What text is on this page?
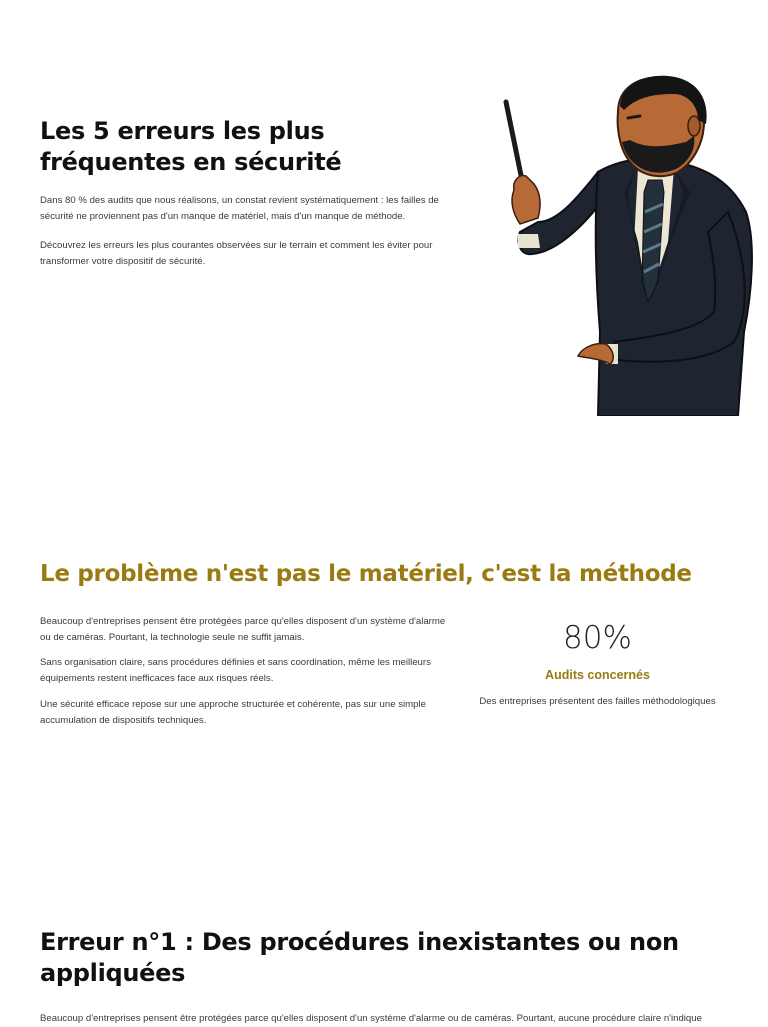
Les 5 erreurs les plus fréquentes en sécurité

Dans 80 % des audits que nous réalisons, un constat revient systématiquement : les failles de sécurité ne proviennent pas d'un manque de matériel, mais d'un manque de méthode.

Découvrez les erreurs les plus courantes observées sur le terrain et comment les éviter pour transformer votre dispositif de sécurité.

Le problème n'est pas le matériel, c'est la méthode

Beaucoup d'entreprises pensent être protégées parce qu'elles disposent d'un système d'alarme ou de caméras. Pourtant, la technologie seule ne suffit jamais.

Sans organisation claire, sans procédures définies et sans coordination, même les meilleurs équipements restent inefficaces face aux risques réels.

Une sécurité efficace repose sur une approche structurée et cohérente, pas sur une simple accumulation de dispositifs techniques.

80%
Audits concernés
Des entreprises présentent des failles méthodologiques
Erreur n°1 : Des procédures inexistantes ou non appliquées

Beaucoup d'entreprises pensent être protégées parce qu'elles disposent d'un système d'alarme ou de caméras. Pourtant, aucune procédure claire n'indique
